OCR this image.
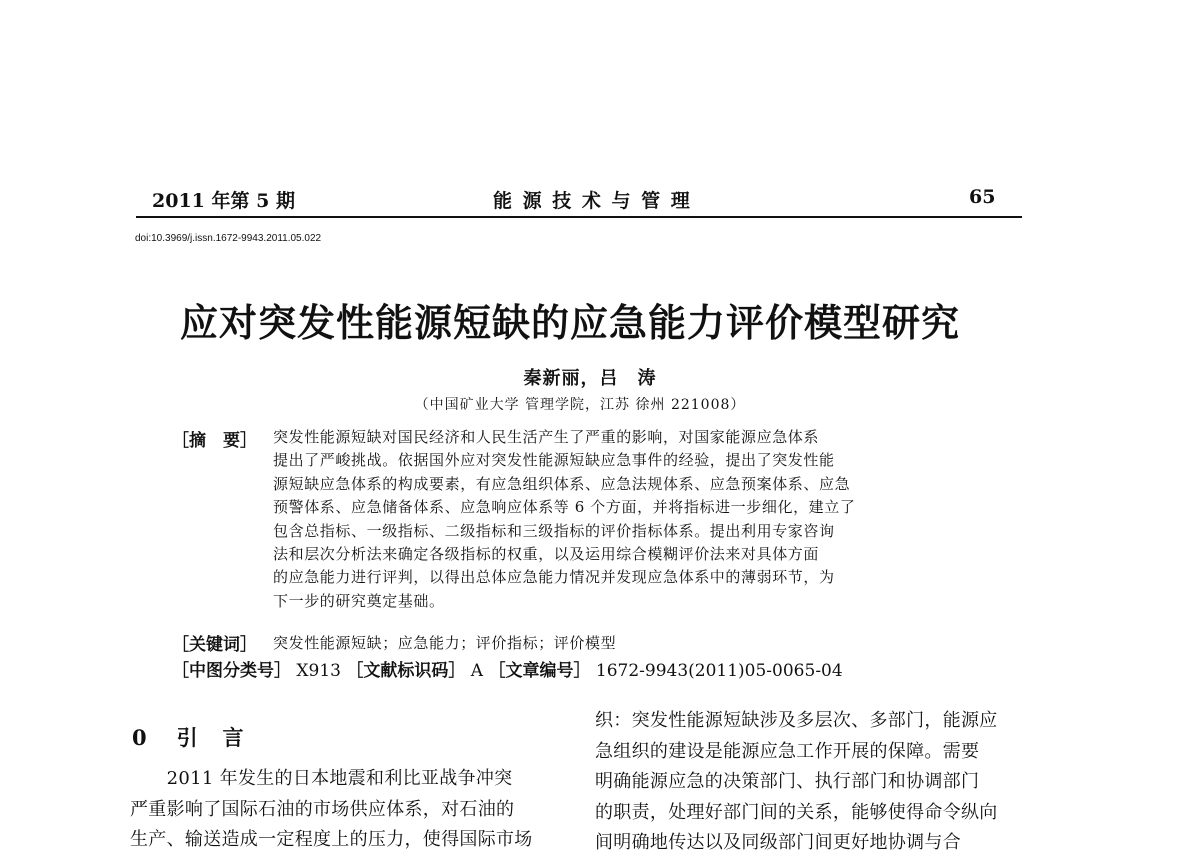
2011 年第 5 期	能 源 技 术 与 管 理	65
doi:10.3969/j.issn.1672-9943.2011.05.022
应对突发性能源短缺的应急能力评价模型研究
秦新丽，吕　涛
（中国矿业大学 管理学院，江苏 徐州 221008）
［摘　要］ 突发性能源短缺对国民经济和人民生活产生了严重的影响，对国家能源应急体系
提出了严峻挑战。依据国外应对突发性能源短缺应急事件的经验，提出了突发性能
源短缺应急体系的构成要素，有应急组织体系、应急法规体系、应急预案体系、应急
预警体系、应急储备体系、应急响应体系等 6 个方面，并将指标进一步细化，建立了
包含总指标、一级指标、二级指标和三级指标的评价指标体系。提出利用专家咨询
法和层次分析法来确定各级指标的权重，以及运用综合模糊评价法来对具体方面
的应急能力进行评判，以得出总体应急能力情况并发现应急体系中的薄弱环节，为
下一步的研究奠定基础。
［关键词］ 突发性能源短缺；应急能力；评价指标；评价模型
［中图分类号］ X913 ［文献标识码］ A ［文章编号］ 1672-9943(2011)05-0065-04
0 引　言
　　2011 年发生的日本地震和利比亚战争冲突
严重影响了国际石油的市场供应体系，对石油的
生产、输送造成一定程度上的压力，使得国际市场
织：突发性能源短缺涉及多层次、多部门，能源应
急组织的建设是能源应急工作开展的保障。需要
明确能源应急的决策部门、执行部门和协调部门
的职责，处理好部门间的关系，能够使得命令纵向
间明确地传达以及同级部门间更好地协调与合
